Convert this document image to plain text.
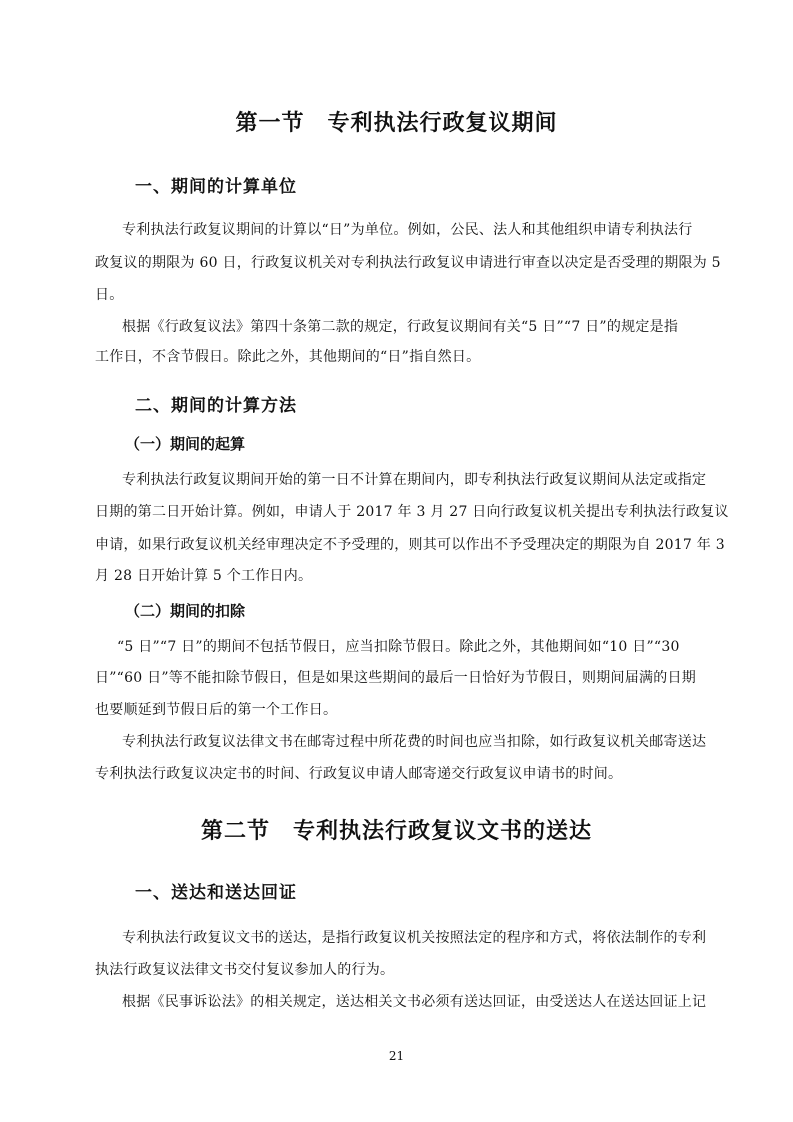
第一节　专利执法行政复议期间
一、期间的计算单位
专利执法行政复议期间的计算以“日”为单位。例如，公民、法人和其他组织申请专利执法行
政复议的期限为 60 日，行政复议机关对专利执法行政复议申请进行审查以决定是否受理的期限为 5
日。
根据《行政复议法》第四十条第二款的规定，行政复议期间有关“5 日”“7 日”的规定是指
工作日，不含节假日。除此之外，其他期间的“日”指自然日。
二、期间的计算方法
（一）期间的起算
专利执法行政复议期间开始的第一日不计算在期间内，即专利执法行政复议期间从法定或指定
日期的第二日开始计算。例如，申请人于 2017 年 3 月 27 日向行政复议机关提出专利执法行政复议
申请，如果行政复议机关经审理决定不予受理的，则其可以作出不予受理决定的期限为自 2017 年 3
月 28 日开始计算 5 个工作日内。
（二）期间的扣除
“5 日”“7 日”的期间不包括节假日，应当扣除节假日。除此之外，其他期间如“10 日”“30
日”“60 日”等不能扣除节假日，但是如果这些期间的最后一日恰好为节假日，则期间届满的日期
也要顺延到节假日后的第一个工作日。
专利执法行政复议法律文书在邮寄过程中所花费的时间也应当扣除，如行政复议机关邮寄送达
专利执法行政复议决定书的时间、行政复议申请人邮寄递交行政复议申请书的时间。
第二节　专利执法行政复议文书的送达
一、送达和送达回证
专利执法行政复议文书的送达，是指行政复议机关按照法定的程序和方式，将依法制作的专利
执法行政复议法律文书交付复议参加人的行为。
根据《民事诉讼法》的相关规定，送达相关文书必须有送达回证，由受送达人在送达回证上记
21
